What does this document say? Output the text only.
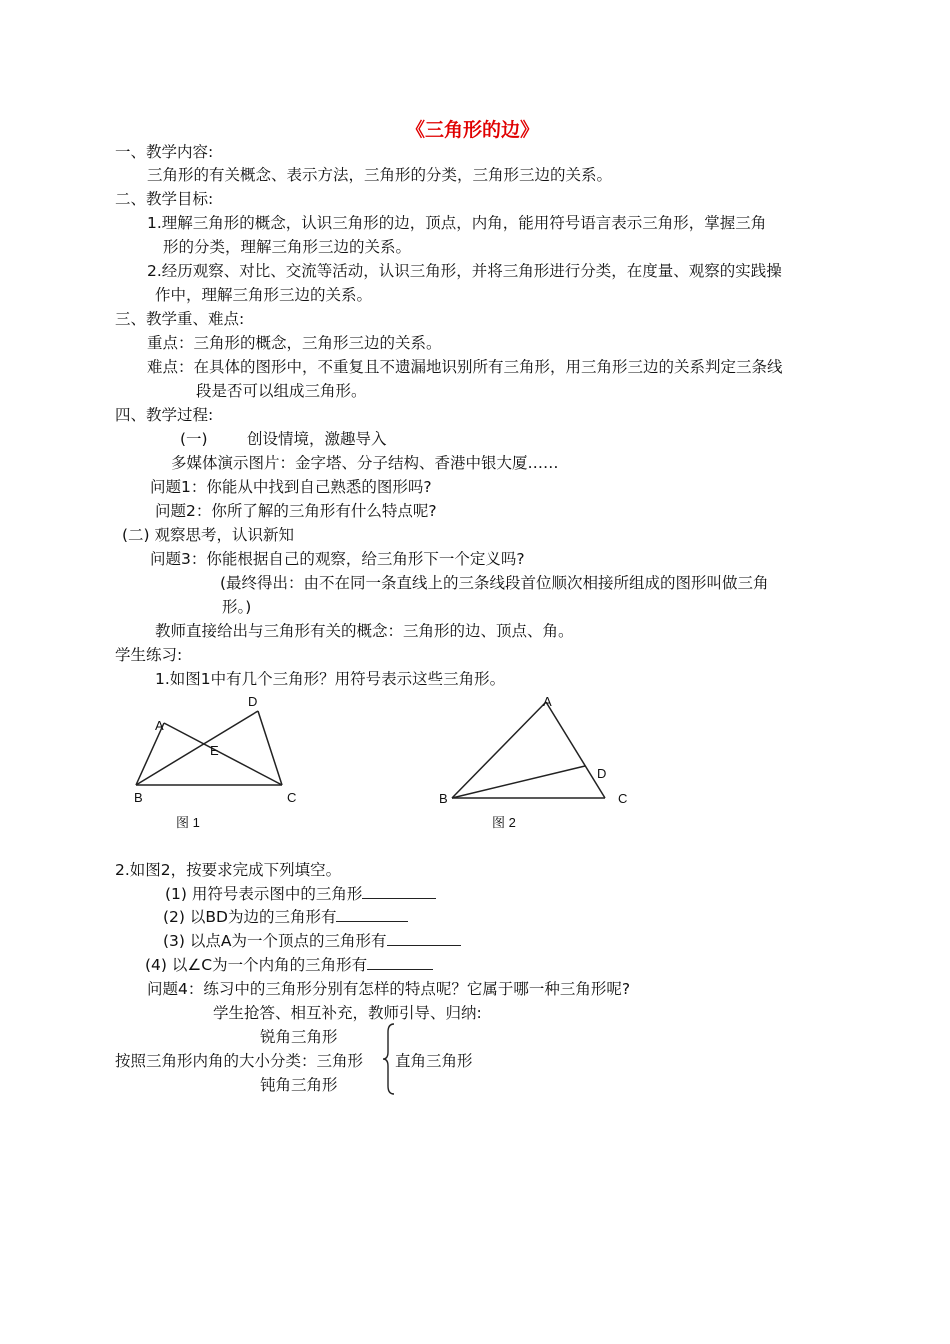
《三角形的边》
一、教学内容:
三角形的有关概念、表示方法，三角形的分类，三角形三边的关系。
二、教学目标:
1.理解三角形的概念，认识三角形的边，顶点，内角，能用符号语言表示三角形，掌握三角
形的分类，理解三角形三边的关系。
2.经历观察、对比、交流等活动，认识三角形，并将三角形进行分类，在度量、观察的实践操
作中，理解三角形三边的关系。
三、教学重、难点:
重点：三角形的概念，三角形三边的关系。
难点：在具体的图形中，不重复且不遗漏地识别所有三角形，用三角形三边的关系判定三条线
段是否可以组成三角形。
四、教学过程:
(一)	创设情境，激趣导入
多媒体演示图片：金字塔、分子结构、香港中银大厦……
问题1：你能从中找到自己熟悉的图形吗?
问题2：你所了解的三角形有什么特点呢?
(二) 观察思考，认识新知
问题3：你能根据自己的观察，给三角形下一个定义吗?
(最终得出：由不在同一条直线上的三条线段首位顺次相接所组成的图形叫做三角
形。)
教师直接给出与三角形有关的概念：三角形的边、顶点、角。
学生练习:
1.如图1中有几个三角形？用符号表示这些三角形。
A
D
E
B	C
图 1
A
D
B	C
图 2
2.如图2，按要求完成下列填空。
(1) 用符号表示图中的三角形
(2) 以BD为边的三角形有
(3) 以点A为一个顶点的三角形有
(4) 以∠C为一个内角的三角形有
问题4：练习中的三角形分别有怎样的特点呢？它属于哪一种三角形呢?
学生抢答、相互补充，教师引导、归纳:
锐角三角形
按照三角形内角的大小分类：三角形 直角三角形
钝角三角形
